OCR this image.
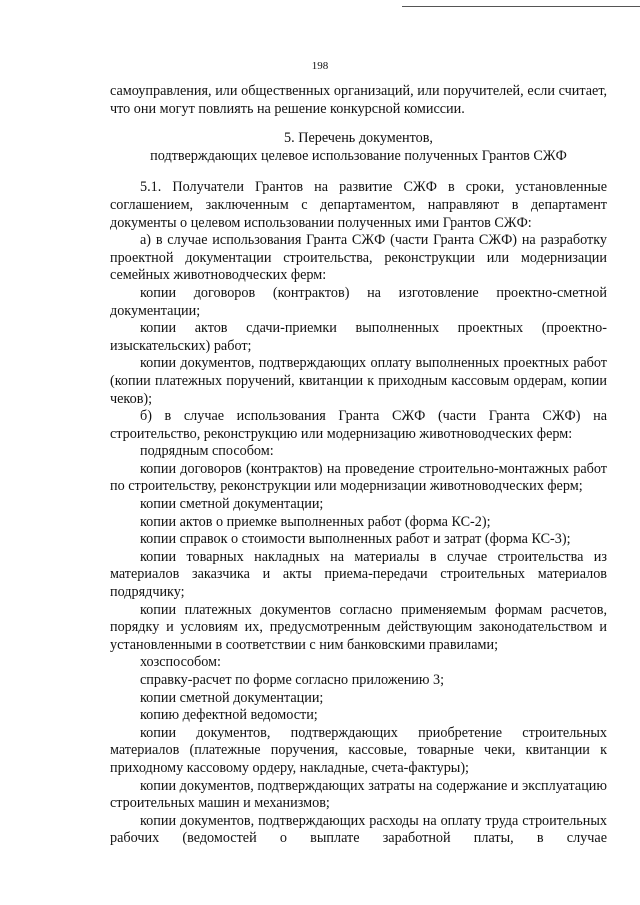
198

самоуправления, или общественных организаций, или поручителей, если считает, что они могут повлиять на решение конкурсной комиссии.

5. Перечень документов,

подтверждающих целевое использование полученных Грантов СЖФ

5.1. Получатели Грантов на развитие СЖФ в сроки, установленные соглашением, заключенным с департаментом, направляют в департамент документы о целевом использовании полученных ими Грантов СЖФ:

а) в случае использования Гранта СЖФ (части Гранта СЖФ) на разработку проектной документации строительства, реконструкции или модернизации семейных животноводческих ферм:

копии договоров (контрактов) на изготовление проектно-сметной документации;

копии актов сдачи-приемки выполненных проектных (проектно-изыскательских) работ;

копии документов, подтверждающих оплату выполненных проектных работ (копии платежных поручений, квитанции к приходным кассовым ордерам, копии чеков);

б) в случае использования Гранта СЖФ (части Гранта СЖФ) на строительство, реконструкцию или модернизацию животноводческих ферм:

подрядным способом:

копии договоров (контрактов) на проведение строительно-монтажных работ по строительству, реконструкции или модернизации животноводческих ферм;

копии сметной документации;

копии актов о приемке выполненных работ (форма КС-2);

копии справок о стоимости выполненных работ и затрат (форма КС-3);

копии товарных накладных на материалы в случае строительства из материалов заказчика и акты приема-передачи строительных материалов подрядчику;

копии платежных документов согласно применяемым формам расчетов, порядку и условиям их, предусмотренным действующим законодательством и установленными в соответствии с ним банковскими правилами;

хозспособом:

справку-расчет по форме согласно приложению 3;

копии сметной документации;

копию дефектной ведомости;

копии документов, подтверждающих приобретение строительных материалов (платежные поручения, кассовые, товарные чеки, квитанции к приходному кассовому ордеру, накладные, счета-фактуры);

копии документов, подтверждающих затраты на содержание и эксплуатацию строительных машин и механизмов;

копии документов, подтверждающих расходы на оплату труда строительных рабочих (ведомостей о выплате заработной платы, в случае
